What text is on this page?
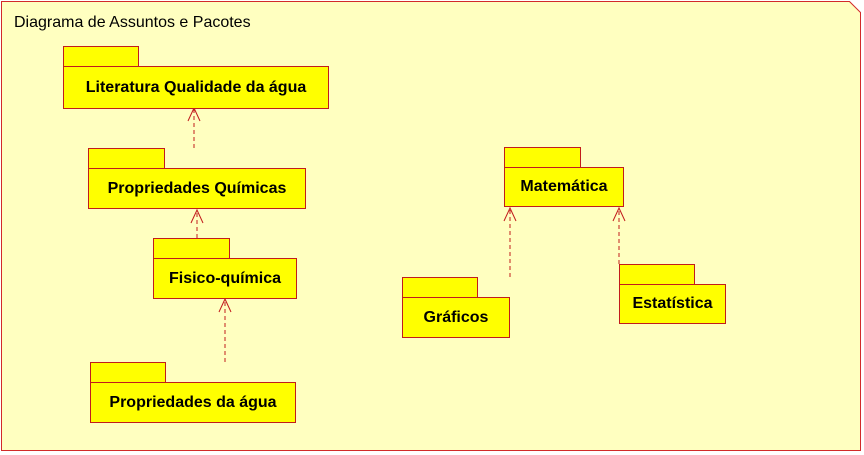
Diagrama de Assuntos e Pacotes
Literatura Qualidade da água
Propriedades Químicas
Fisico-química
Propriedades da água
Matemática
Gráficos
Estatística
